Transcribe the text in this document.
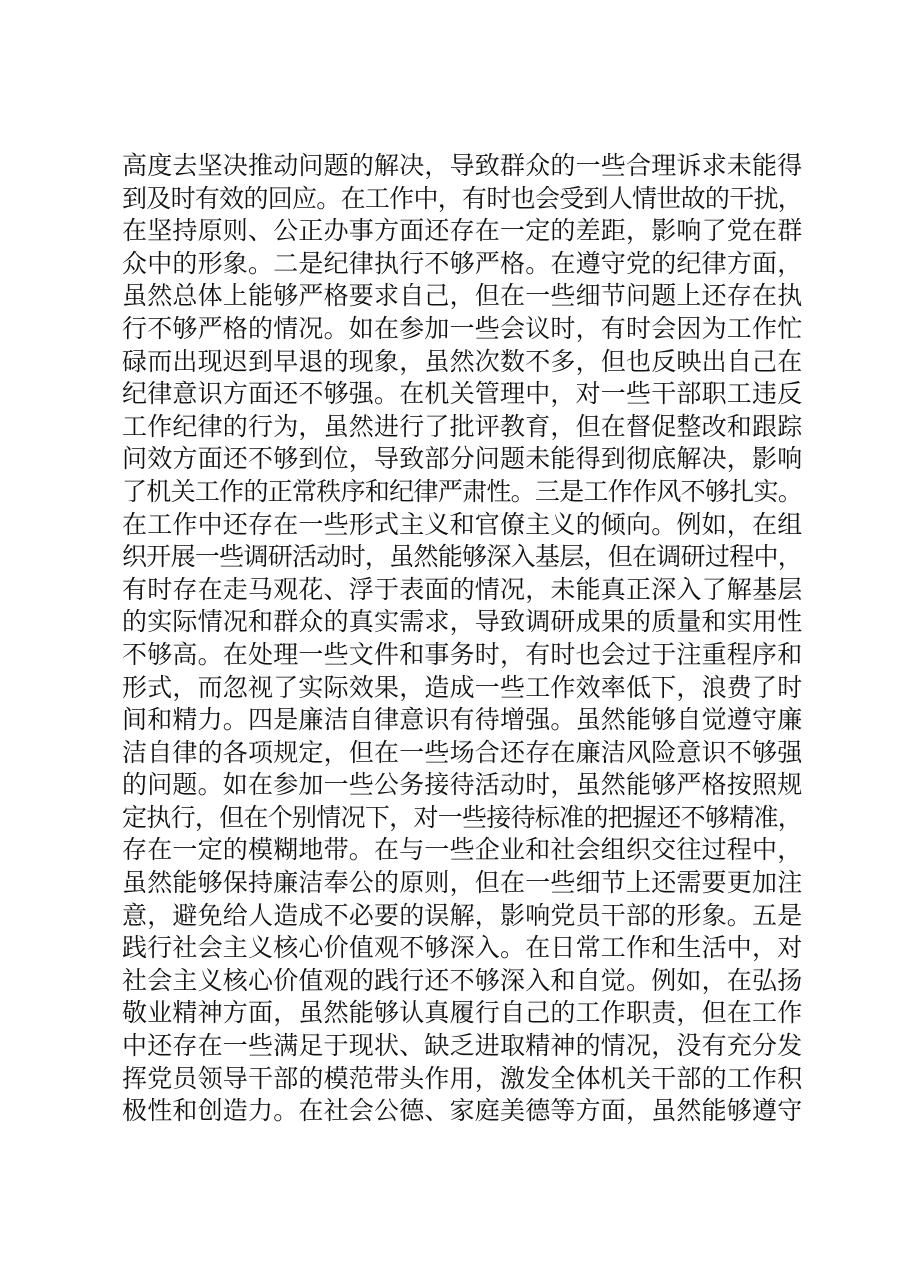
高度去坚决推动问题的解决，导致群众的一些合理诉求未能得
到及时有效的回应。在工作中，有时也会受到人情世故的干扰，
在坚持原则、公正办事方面还存在一定的差距，影响了党在群
众中的形象。二是纪律执行不够严格。在遵守党的纪律方面，
虽然总体上能够严格要求自己，但在一些细节问题上还存在执
行不够严格的情况。如在参加一些会议时，有时会因为工作忙
碌而出现迟到早退的现象，虽然次数不多，但也反映出自己在
纪律意识方面还不够强。在机关管理中，对一些干部职工违反
工作纪律的行为，虽然进行了批评教育，但在督促整改和跟踪
问效方面还不够到位，导致部分问题未能得到彻底解决，影响
了机关工作的正常秩序和纪律严肃性。三是工作作风不够扎实。
在工作中还存在一些形式主义和官僚主义的倾向。例如，在组
织开展一些调研活动时，虽然能够深入基层，但在调研过程中，
有时存在走马观花、浮于表面的情况，未能真正深入了解基层
的实际情况和群众的真实需求，导致调研成果的质量和实用性
不够高。在处理一些文件和事务时，有时也会过于注重程序和
形式，而忽视了实际效果，造成一些工作效率低下，浪费了时
间和精力。四是廉洁自律意识有待增强。虽然能够自觉遵守廉
洁自律的各项规定，但在一些场合还存在廉洁风险意识不够强
的问题。如在参加一些公务接待活动时，虽然能够严格按照规
定执行，但在个别情况下，对一些接待标准的把握还不够精准，
存在一定的模糊地带。在与一些企业和社会组织交往过程中，
虽然能够保持廉洁奉公的原则，但在一些细节上还需要更加注
意，避免给人造成不必要的误解，影响党员干部的形象。五是
践行社会主义核心价值观不够深入。在日常工作和生活中，对
社会主义核心价值观的践行还不够深入和自觉。例如，在弘扬
敬业精神方面，虽然能够认真履行自己的工作职责，但在工作
中还存在一些满足于现状、缺乏进取精神的情况，没有充分发
挥党员领导干部的模范带头作用，激发全体机关干部的工作积
极性和创造力。在社会公德、家庭美德等方面，虽然能够遵守
